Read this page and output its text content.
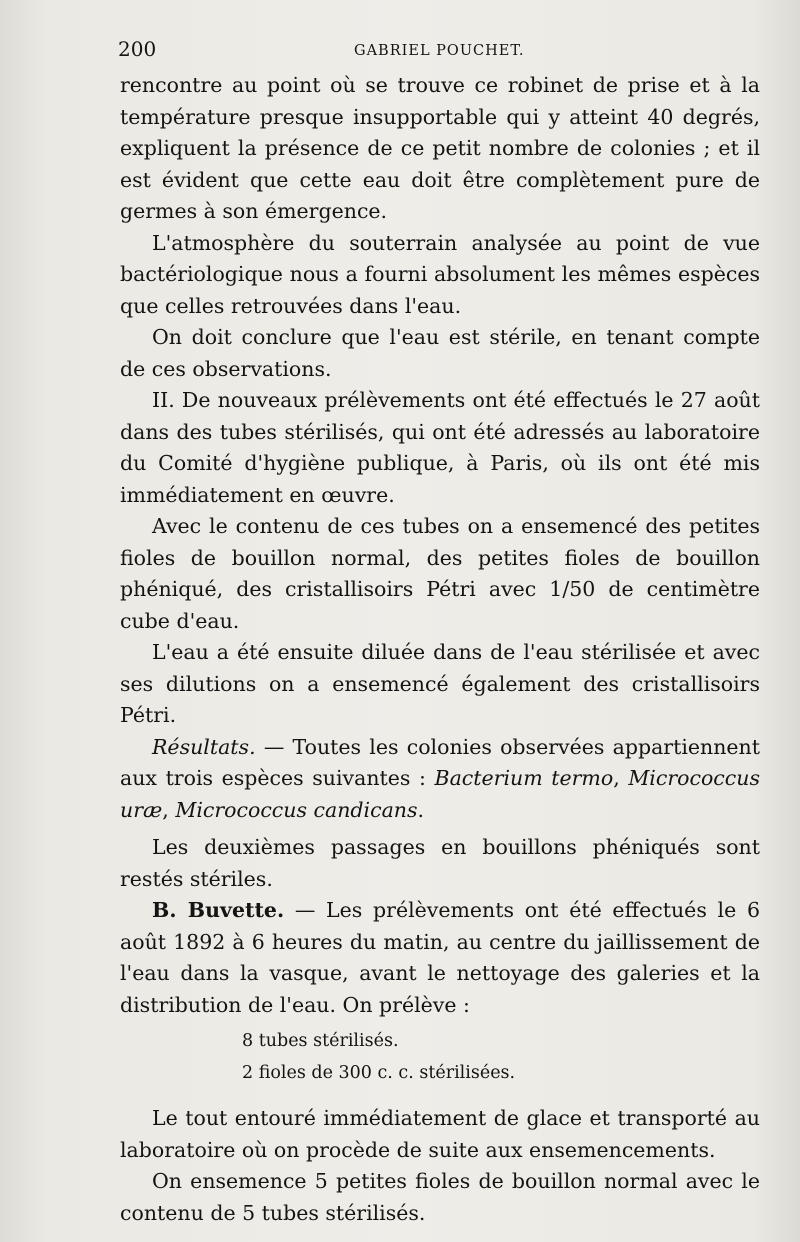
200	GABRIEL POUCHET.

rencontre au point où se trouve ce robinet de prise et à la température presque insupportable qui y atteint 40 degrés, expliquent la présence de ce petit nombre de colonies ; et il est évident que cette eau doit être complètement pure de germes à son émergence.

L'atmosphère du souterrain analysée au point de vue bactériologique nous a fourni absolument les mêmes espèces que celles retrouvées dans l'eau.

On doit conclure que l'eau est stérile, en tenant compte de ces observations.

II. De nouveaux prélèvements ont été effectués le 27 août dans des tubes stérilisés, qui ont été adressés au laboratoire du Comité d'hygiène publique, à Paris, où ils ont été mis immédiatement en œuvre.

Avec le contenu de ces tubes on a ensemencé des petites fioles de bouillon normal, des petites fioles de bouillon phéniqué, des cristallisoirs Pétri avec 1/50 de centimètre cube d'eau.

L'eau a été ensuite diluée dans de l'eau stérilisée et avec ses dilutions on a ensemencé également des cristallisoirs Pétri.

Résultats. — Toutes les colonies observées appartiennent aux trois espèces suivantes : Bacterium termo, Micrococcus uræ, Micrococcus candicans.

Les deuxièmes passages en bouillons phéniqués sont restés stériles.

B. Buvette. — Les prélèvements ont été effectués le 6 août 1892 à 6 heures du matin, au centre du jaillissement de l'eau dans la vasque, avant le nettoyage des galeries et la distribution de l'eau. On prélève :

8 tubes stérilisés.
2 fioles de 300 c. c. stérilisées.

Le tout entouré immédiatement de glace et transporté au laboratoire où on procède de suite aux ensemencements.

On ensemence 5 petites fioles de bouillon normal avec le contenu de 5 tubes stérilisés.
